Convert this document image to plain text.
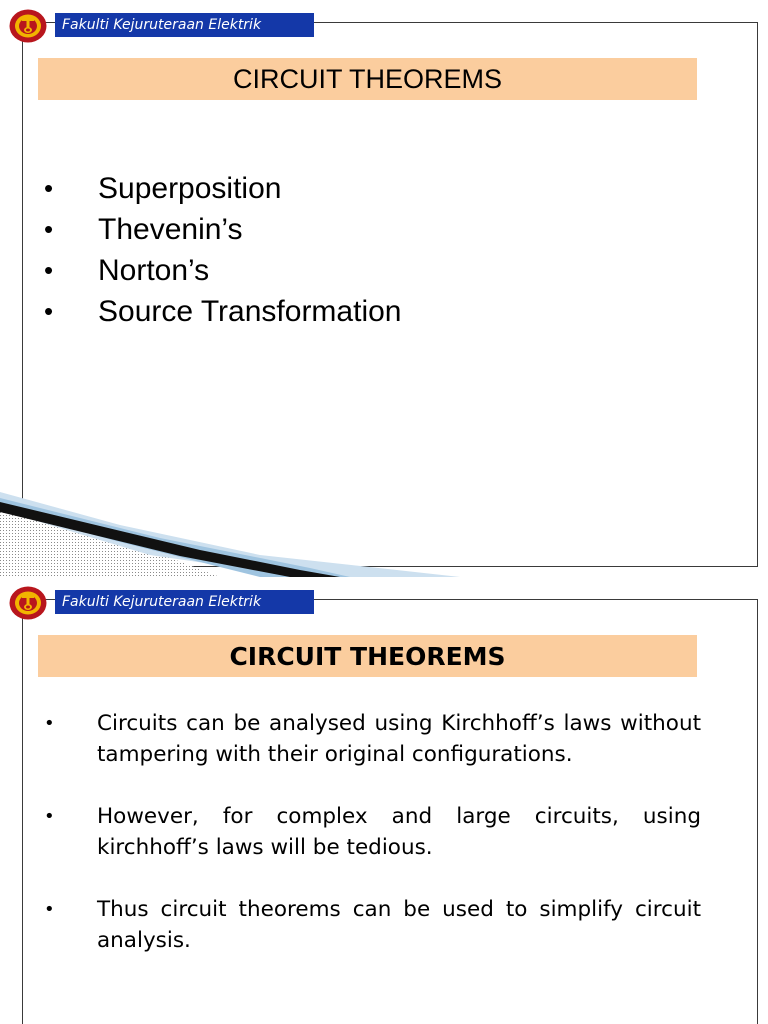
Fakulti Kejuruteraan Elektrik
CIRCUIT THEOREMS
• Superposition
• Thevenin’s
• Norton’s
• Source Transformation
Fakulti Kejuruteraan Elektrik
CIRCUIT THEOREMS
• Circuits can be analysed using Kirchhoff’s laws without tampering with their original configurations.
• However, for complex and large circuits, using kirchhoff’s laws will be tedious.
• Thus circuit theorems can be used to simplify circuit analysis.
